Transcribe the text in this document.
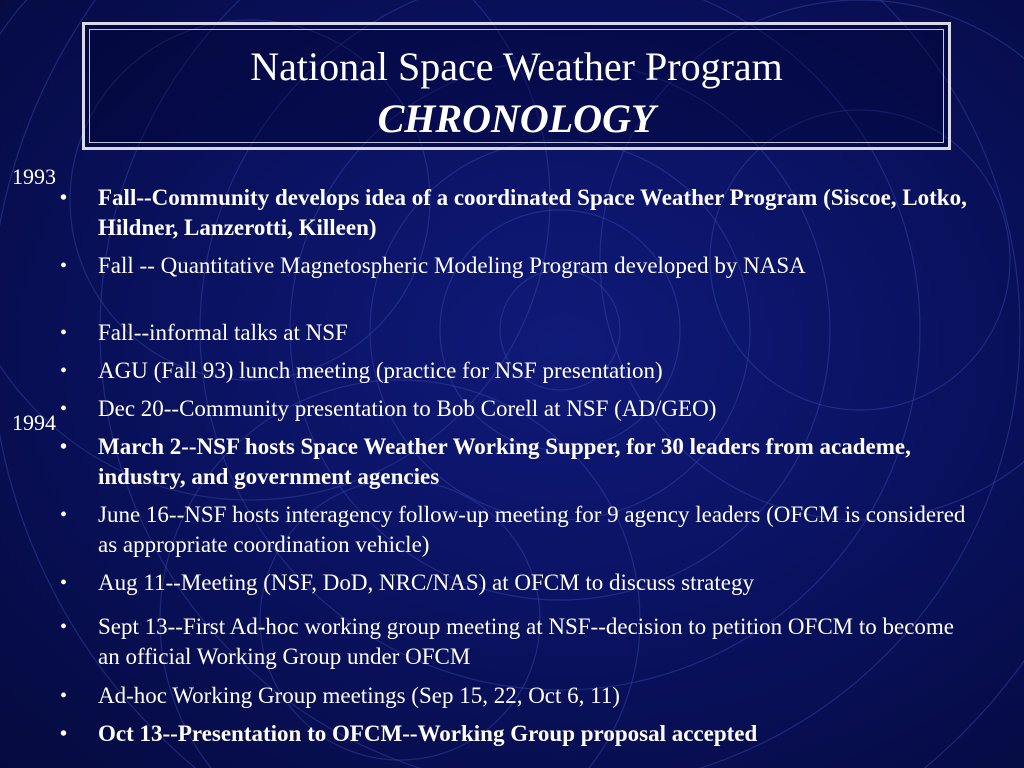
National Space Weather Program
CHRONOLOGY
1993
1994
• Fall--Community develops idea of a coordinated Space Weather Program (Siscoe, Lotko, Hildner, Lanzerotti, Killeen)
• Fall -- Quantitative Magnetospheric Modeling Program developed by NASA
• Fall--informal talks at NSF
• AGU (Fall 93) lunch meeting (practice for NSF presentation)
• Dec 20--Community presentation to Bob Corell at NSF (AD/GEO)
• March 2--NSF hosts Space Weather Working Supper, for 30 leaders from academe, industry, and government agencies
• June 16--NSF hosts interagency follow-up meeting for 9 agency leaders (OFCM is considered as appropriate coordination vehicle)
• Aug 11--Meeting (NSF, DoD, NRC/NAS) at OFCM to discuss strategy
• Sept 13--First Ad-hoc working group meeting at NSF--decision to petition OFCM to become an official Working Group under OFCM
• Ad-hoc Working Group meetings (Sep 15, 22, Oct 6, 11)
• Oct 13--Presentation to OFCM--Working Group proposal accepted
